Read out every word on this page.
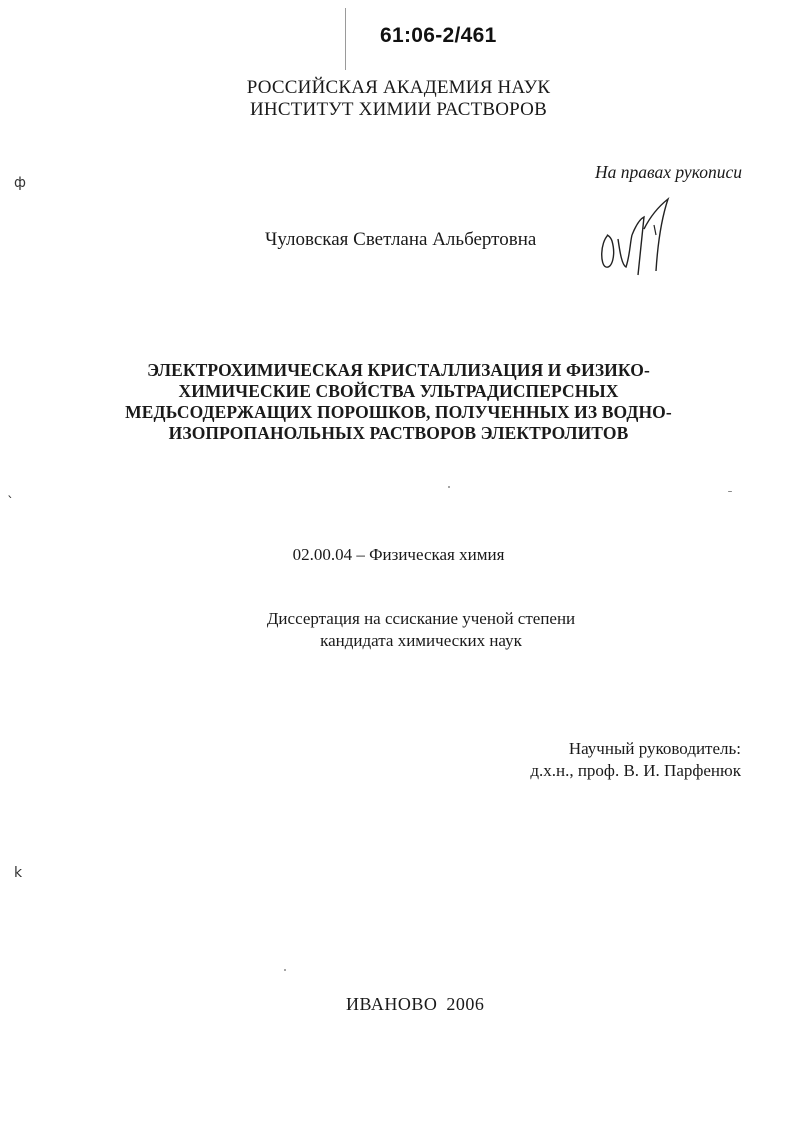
61:06-2/461
РОССИЙСКАЯ АКАДЕМИЯ НАУК
ИНСТИТУТ ХИМИИ РАСТВОРОВ
На правах рукописи
Чуловская Светлана Альбертовна
ЭЛЕКТРОХИМИЧЕСКАЯ КРИСТАЛЛИЗАЦИЯ И ФИЗИКО-
ХИМИЧЕСКИЕ СВОЙСТВА УЛЬТРАДИСПЕРСНЫХ
МЕДЬСОДЕРЖАЩИХ ПОРОШКОВ, ПОЛУЧЕННЫХ ИЗ ВОДНО-
ИЗОПРОПАНОЛЬНЫХ РАСТВОРОВ ЭЛЕКТРОЛИТОВ
02.00.04 – Физическая химия
Диссертация на ссискание ученой степени
кандидата химических наук
Научный руководитель:
д.х.н., проф. В. И. Парфенюк
ИВАНОВО 2006
ф
k
